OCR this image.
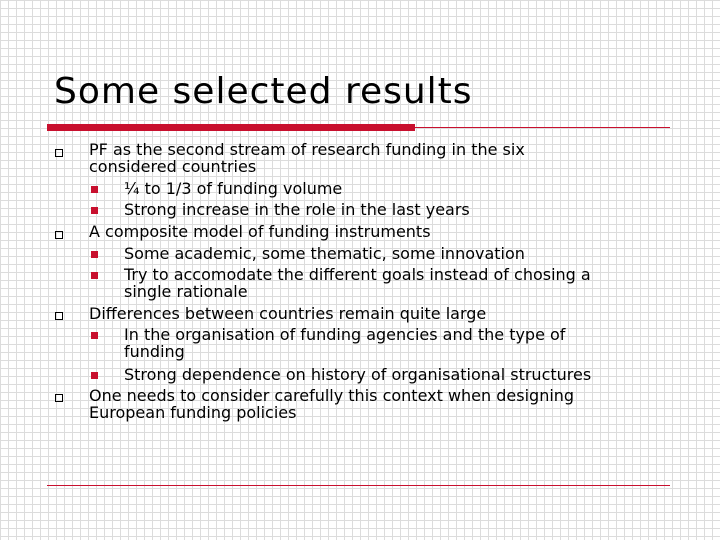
Some selected results
PF as the second stream of research funding in the six
considered countries
¼ to 1/3 of funding volume
Strong increase in the role in the last years
A composite model of funding instruments
Some academic, some thematic, some innovation
Try to accomodate the different goals instead of chosing a
single rationale
Differences between countries remain quite large
In the organisation of funding agencies and the type of
funding
Strong dependence on history of organisational structures
One needs to consider carefully this context when designing
European funding policies
